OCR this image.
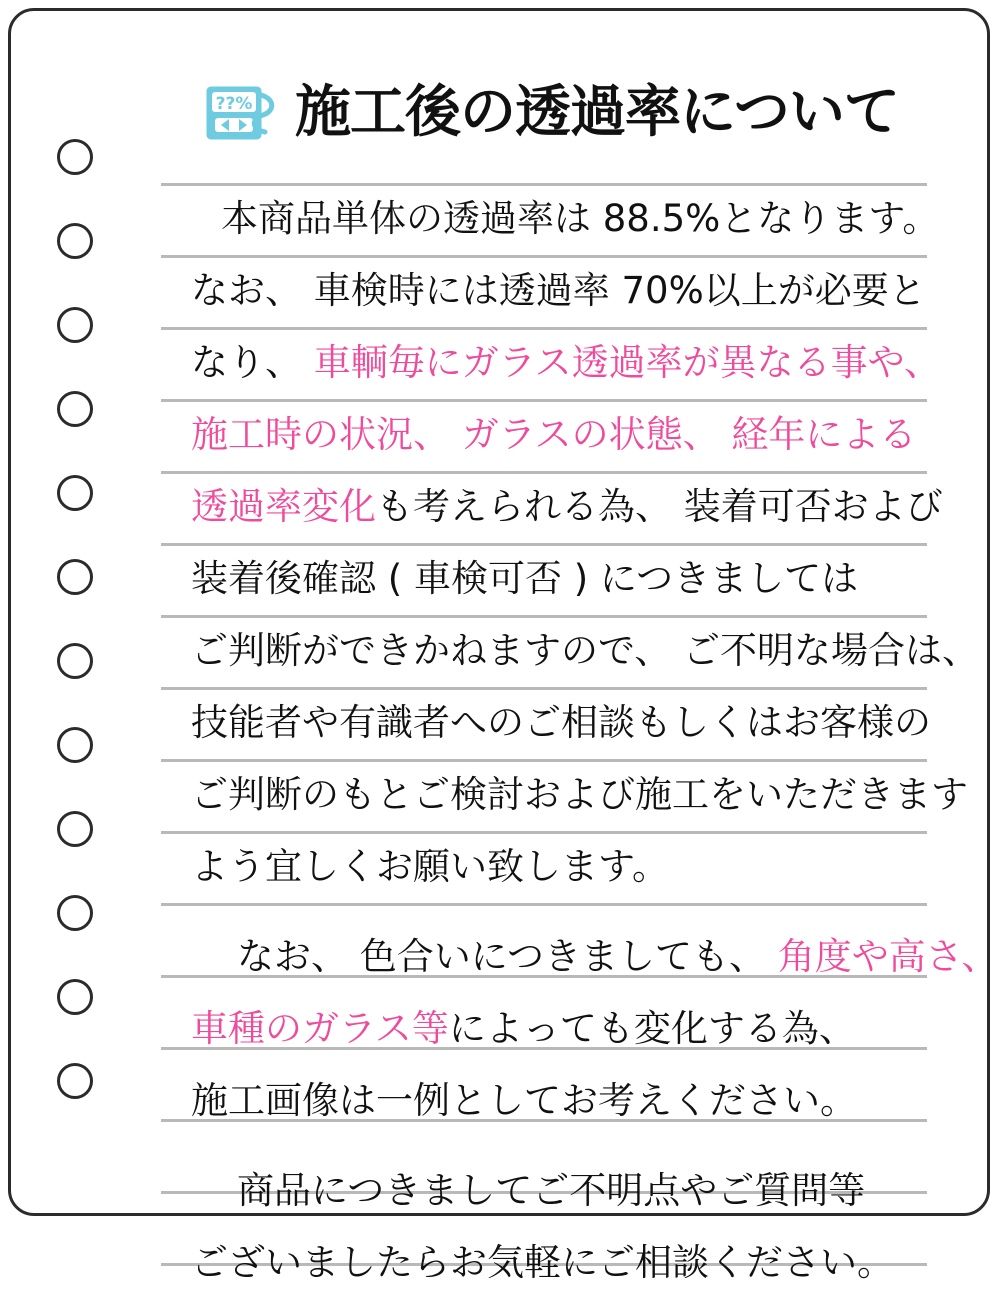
??% 施工後の透過率について
本商品単体の透過率は 88.5%となります。
なお、 車検時には透過率 70%以上が必要と
なり、 車輌毎にガラス透過率が異なる事や、
施工時の状況、 ガラスの状態、 経年による
透過率変化も考えられる為、 装着可否および
装着後確認 ( 車検可否 ) につきましては
ご判断ができかねますので、 ご不明な場合は、
技能者や有識者へのご相談もしくはお客様の
ご判断のもとご検討および施工をいただきます
よう宜しくお願い致します。
なお、 色合いにつきましても、 角度や高さ、
車種のガラス等によっても変化する為、
施工画像は一例としてお考えください。
商品につきましてご不明点やご質問等
ございましたらお気軽にご相談ください。
